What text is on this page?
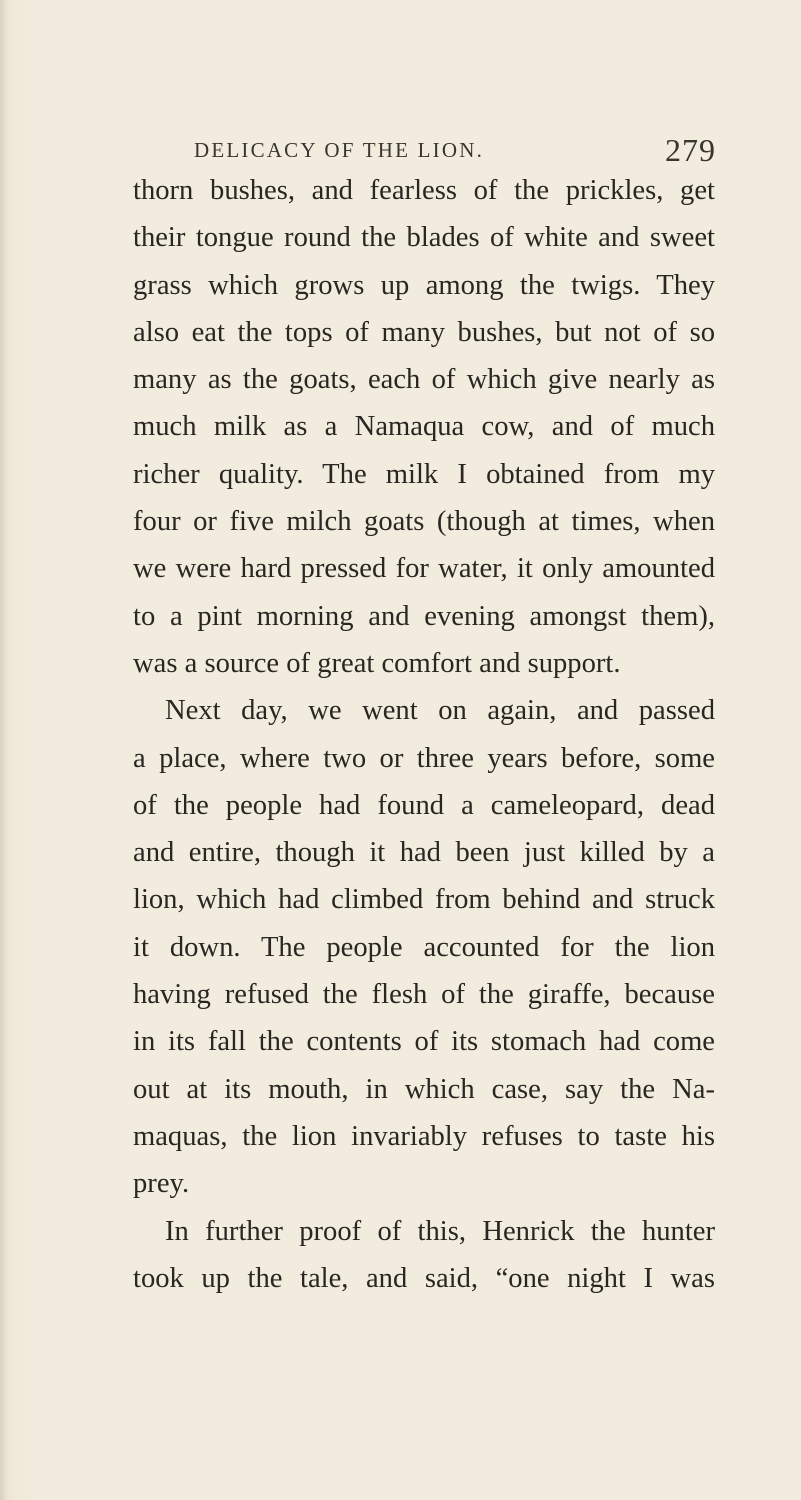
DELICACY OF THE LION.	279
thorn bushes, and fearless of the prickles, get
their tongue round the blades of white and sweet
grass which grows up among the twigs. They
also eat the tops of many bushes, but not of so
many as the goats, each of which give nearly as
much milk as a Namaqua cow, and of much
richer quality. The milk I obtained from my
four or five milch goats (though at times, when
we were hard pressed for water, it only amounted
to a pint morning and evening amongst them),
was a source of great comfort and support.
Next day, we went on again, and passed
a place, where two or three years before, some
of the people had found a cameleopard, dead
and entire, though it had been just killed by a
lion, which had climbed from behind and struck
it down. The people accounted for the lion
having refused the flesh of the giraffe, because
in its fall the contents of its stomach had come
out at its mouth, in which case, say the Na-
maquas, the lion invariably refuses to taste his
prey.
In further proof of this, Henrick the hunter
took up the tale, and said, “one night I was
